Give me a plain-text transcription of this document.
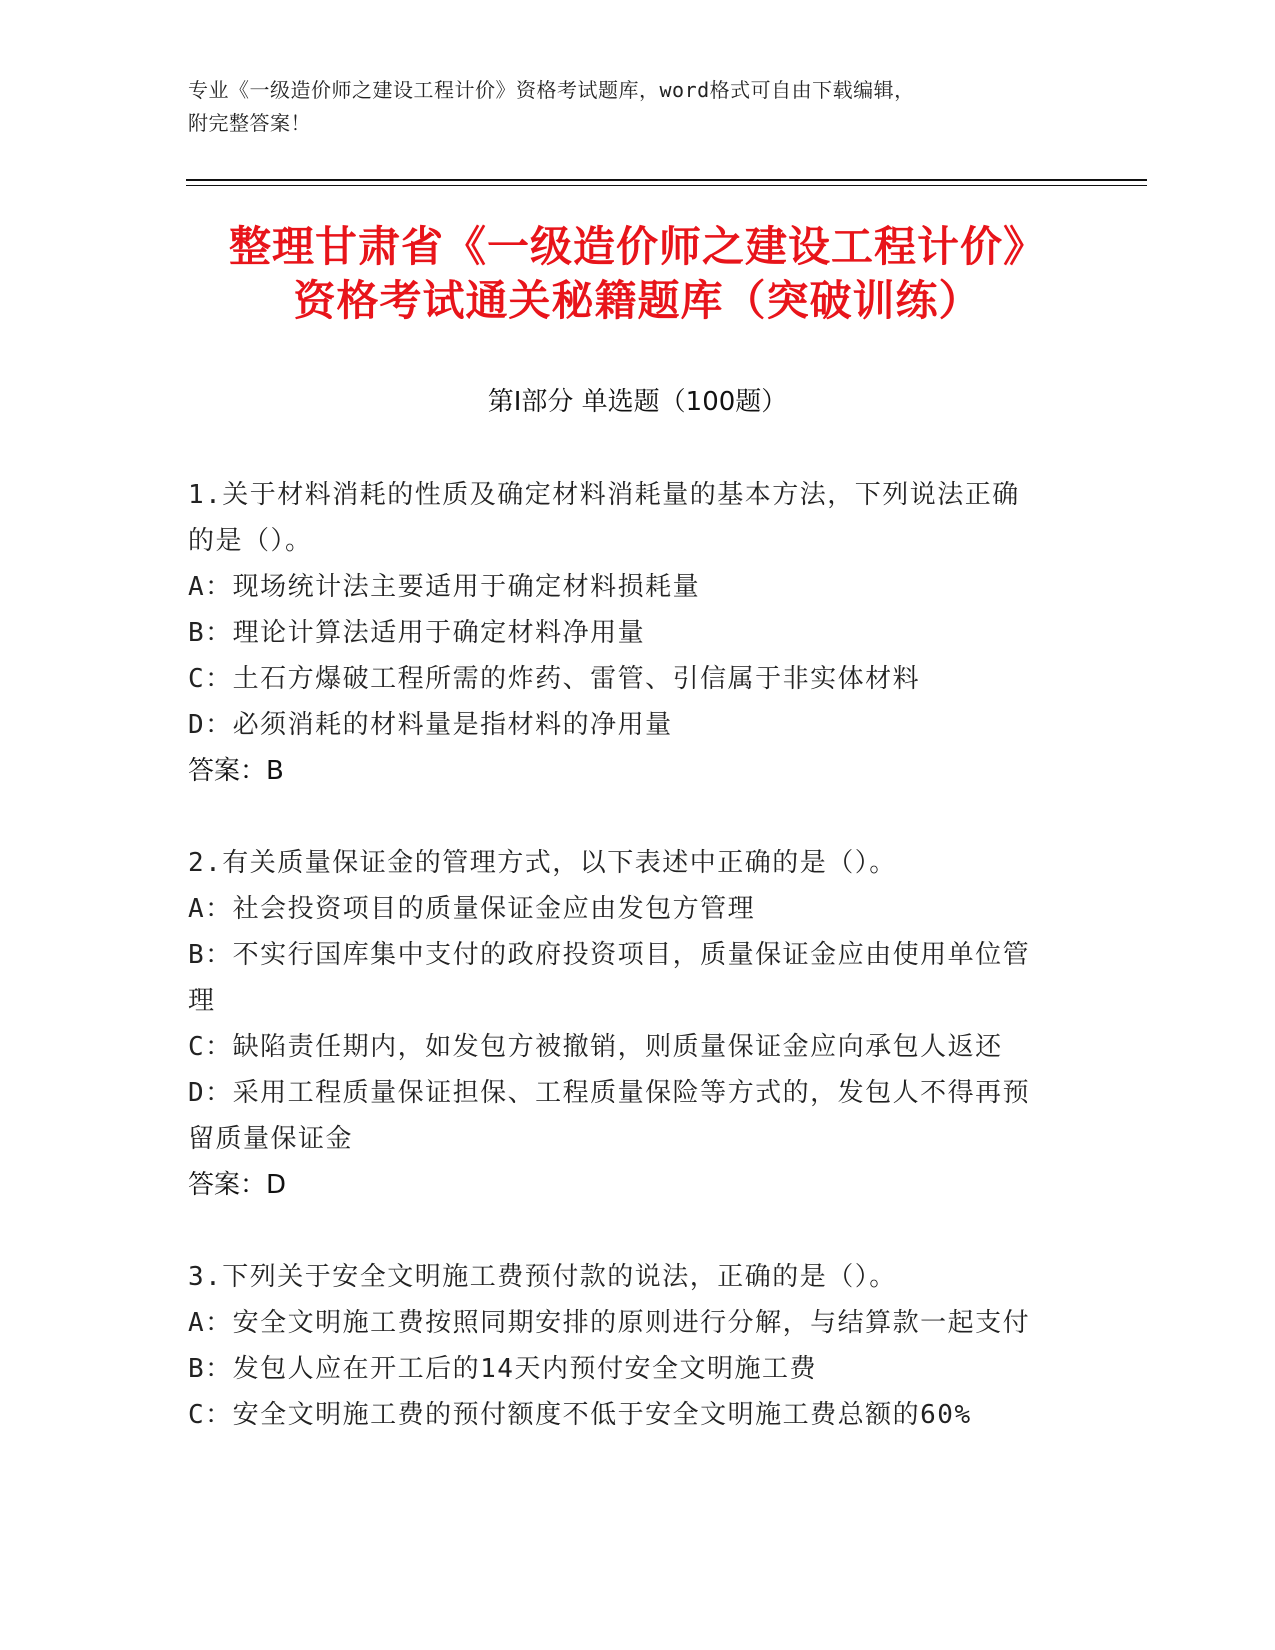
专业《一级造价师之建设工程计价》资格考试题库，word格式可自由下载编辑，
附完整答案！
整理甘肃省《一级造价师之建设工程计价》
资格考试通关秘籍题库（突破训练）
第Ⅰ部分 单选题（100题）
1.关于材料消耗的性质及确定材料消耗量的基本方法，下列说法正确
的是（）。
A：现场统计法主要适用于确定材料损耗量
B：理论计算法适用于确定材料净用量
C：土石方爆破工程所需的炸药、雷管、引信属于非实体材料
D：必须消耗的材料量是指材料的净用量
答案：B
2.有关质量保证金的管理方式，以下表述中正确的是（）。
A：社会投资项目的质量保证金应由发包方管理
B：不实行国库集中支付的政府投资项目，质量保证金应由使用单位管
理
C：缺陷责任期内，如发包方被撤销，则质量保证金应向承包人返还
D：采用工程质量保证担保、工程质量保险等方式的，发包人不得再预
留质量保证金
答案：D
3.下列关于安全文明施工费预付款的说法，正确的是（）。
A：安全文明施工费按照同期安排的原则进行分解，与结算款一起支付
B：发包人应在开工后的14天内预付安全文明施工费
C：安全文明施工费的预付额度不低于安全文明施工费总额的60%
